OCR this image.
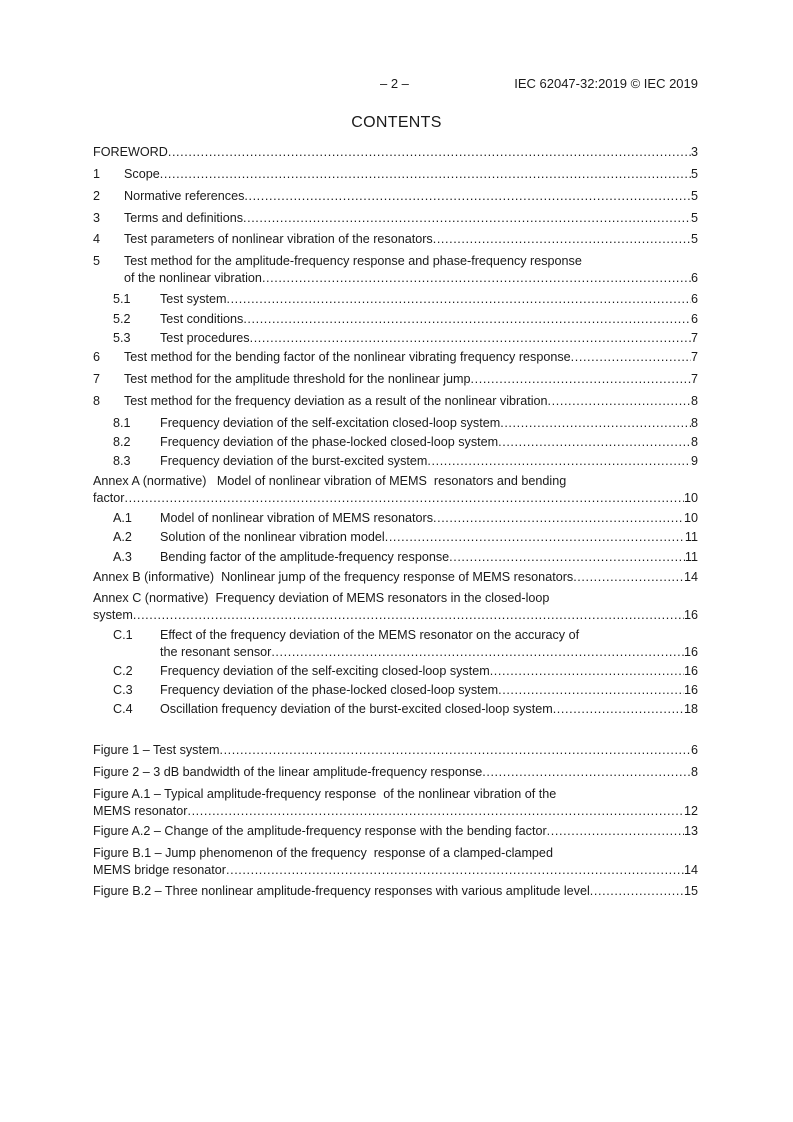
– 2 –	IEC 62047-32:2019 © IEC 2019
CONTENTS
FOREWORD .....	3
1	Scope .....	5
2	Normative references .....	5
3	Terms and definitions .....	5
4	Test parameters of nonlinear vibration of the resonators .....	5
5	Test method for the amplitude-frequency response and phase-frequency response
of the nonlinear vibration .....	6
5.1	Test system .....	6
5.2	Test conditions .....	6
5.3	Test procedures .....	7
6	Test method for the bending factor of the nonlinear vibrating frequency response .....	7
7	Test method for the amplitude threshold for the nonlinear jump .....	7
8	Test method for the frequency deviation as a result of the nonlinear vibration .....	8
8.1	Frequency deviation of the self-excitation closed-loop system .....	8
8.2	Frequency deviation of the phase-locked closed-loop system .....	8
8.3	Frequency deviation of the burst-excited system .....	9
Annex A (normative)   Model of nonlinear vibration of MEMS  resonators and bending
factor .....	10
A.1	Model of nonlinear vibration of MEMS resonators .....	10
A.2	Solution of the nonlinear vibration model .....	11
A.3	Bending factor of the amplitude-frequency response .....	11
Annex B (informative)  Nonlinear jump of the frequency response of MEMS resonators .....	14
Annex C (normative)  Frequency deviation of MEMS resonators in the closed-loop
system .....	16
C.1	Effect of the frequency deviation of the MEMS resonator on the accuracy of
the resonant sensor .....	16
C.2	Frequency deviation of the self-exciting closed-loop system .....	16
C.3	Frequency deviation of the phase-locked closed-loop system .....	16
C.4	Oscillation frequency deviation of the burst-excited closed-loop system .....	18
Figure 1 – Test system .....	6
Figure 2 – 3 dB bandwidth of the linear amplitude-frequency response .....	8
Figure A.1 – Typical amplitude-frequency response  of the nonlinear vibration of the
MEMS resonator .....	12
Figure A.2 – Change of the amplitude-frequency response with the bending factor .....	13
Figure B.1 – Jump phenomenon of the frequency  response of a clamped-clamped
MEMS bridge resonator .....	14
Figure B.2 – Three nonlinear amplitude-frequency responses with various amplitude level .....	15
